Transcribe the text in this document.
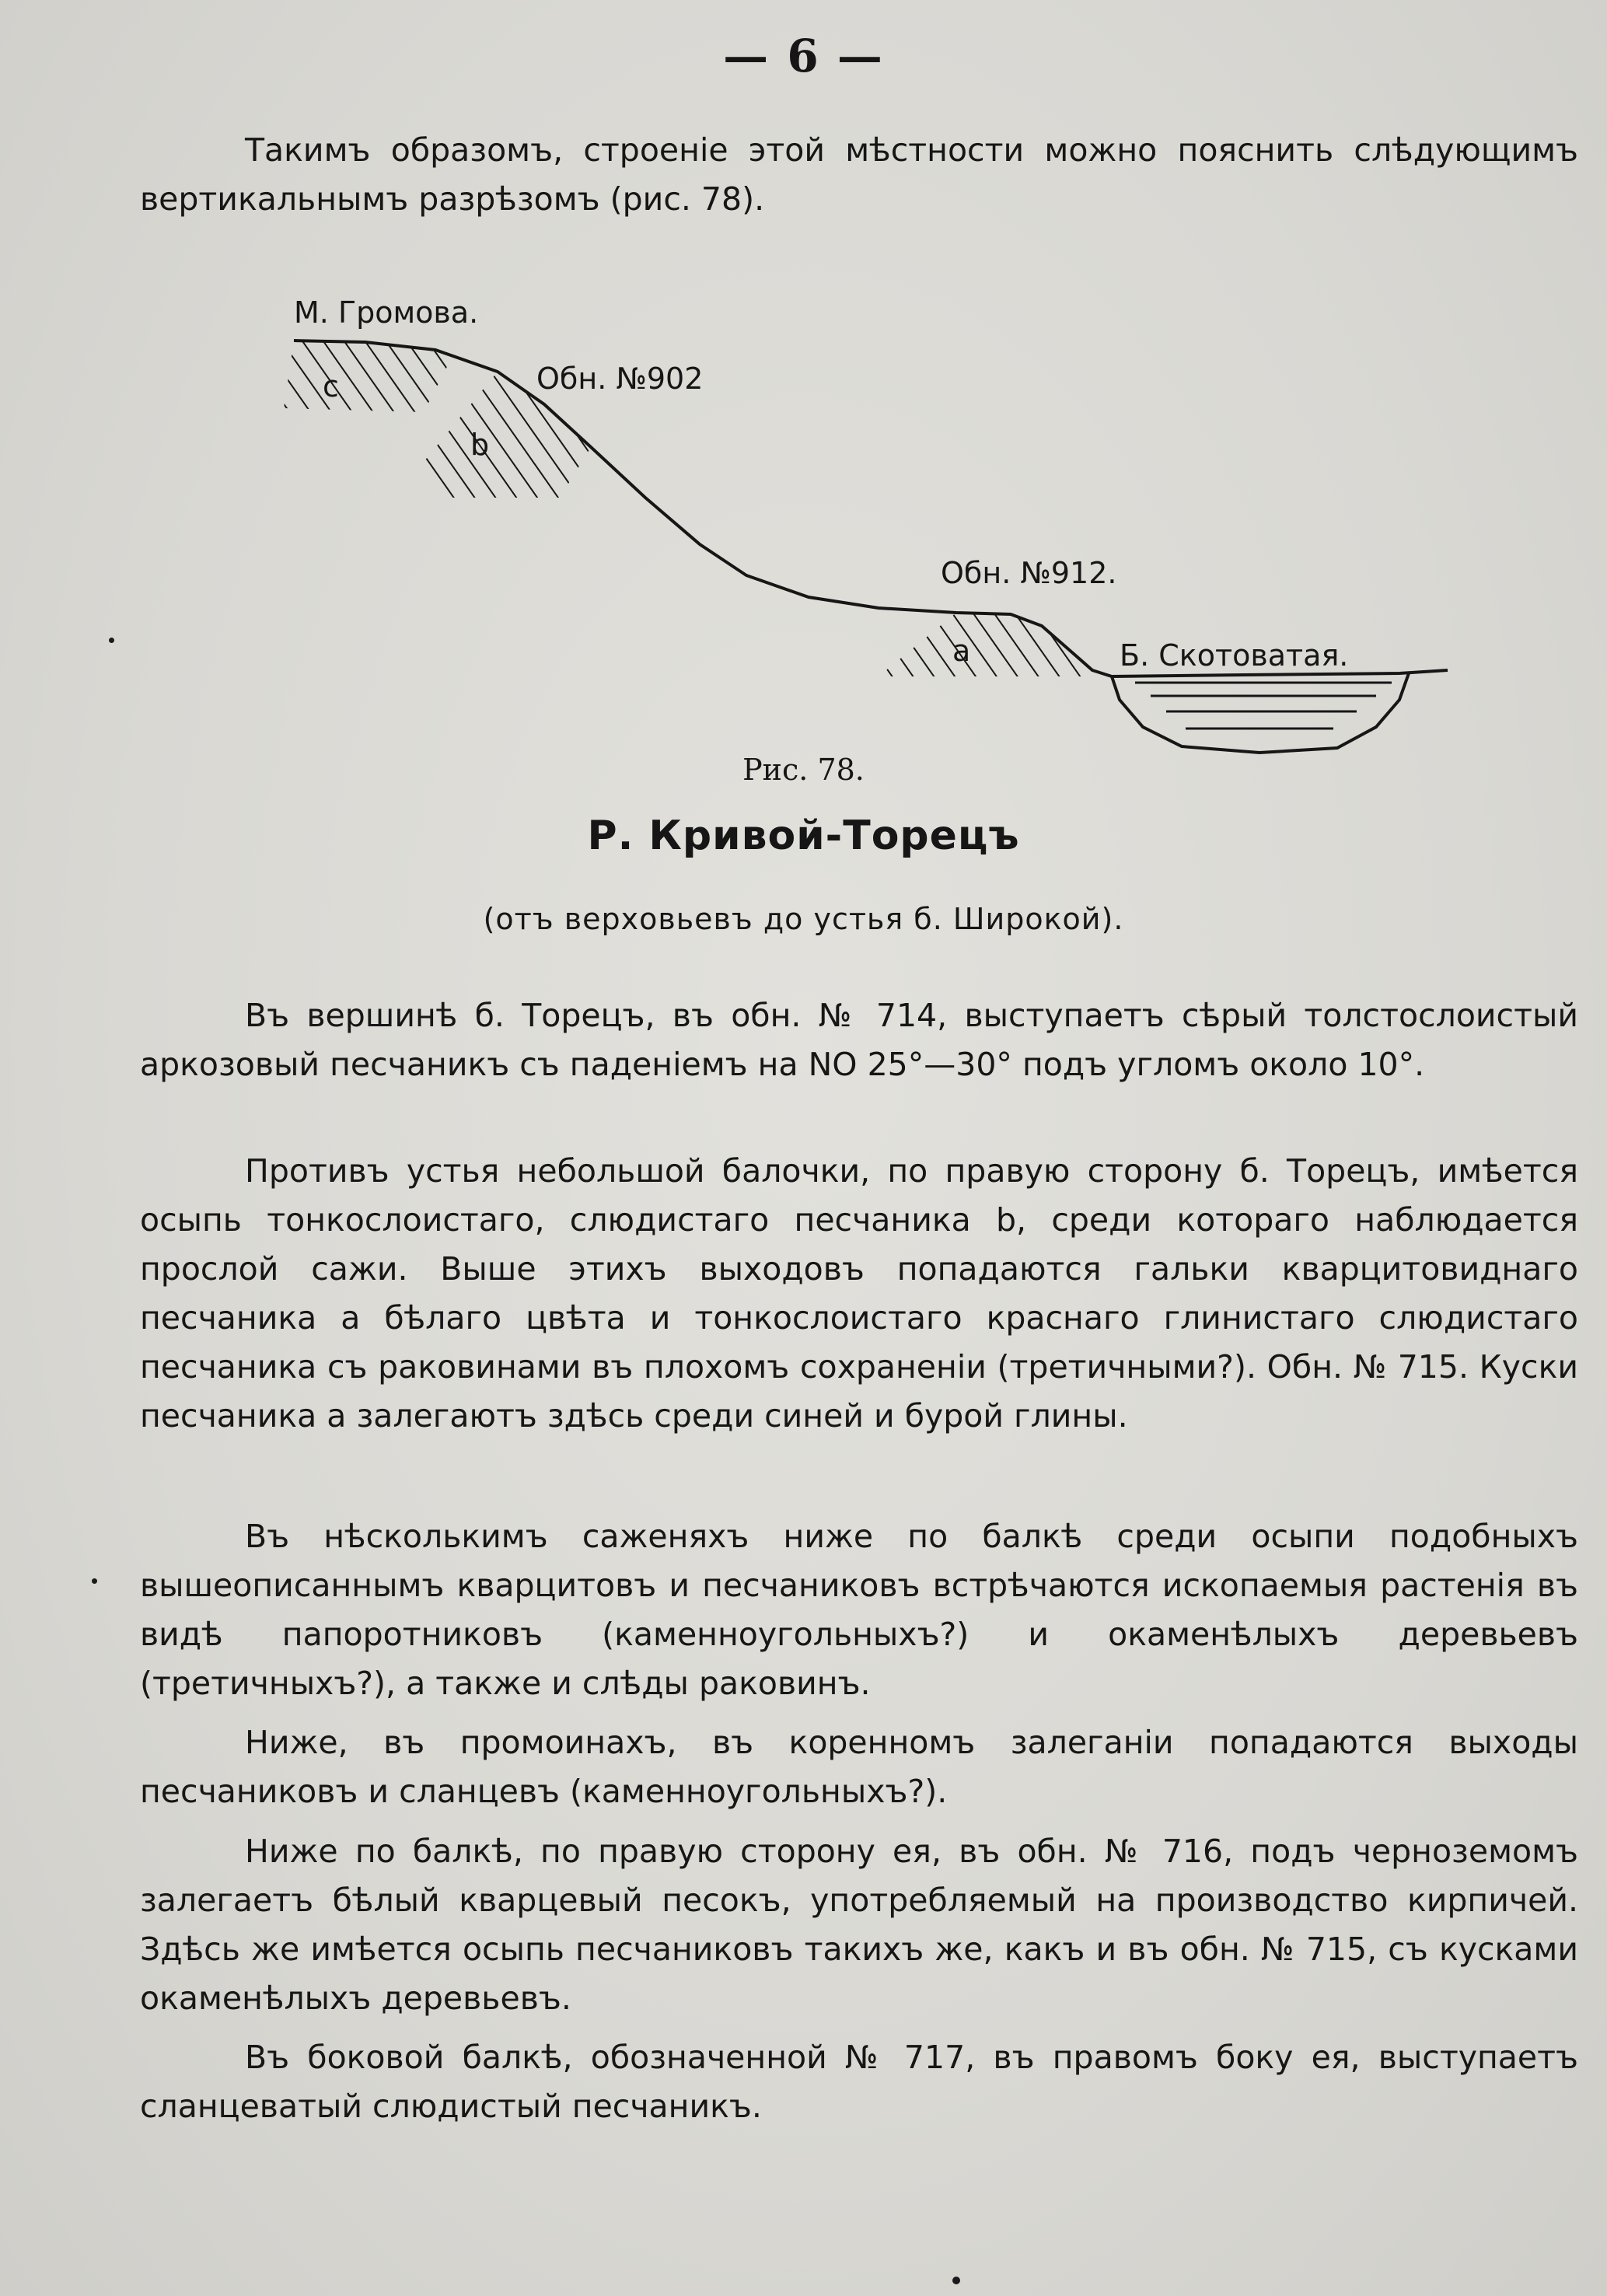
— 6 —

Такимъ образомъ, строеніе этой мѣстности можно пояснить слѣдующимъ вертикальнымъ разрѣзомъ (рис. 78).

М. Громова.
Обн. №902
Обн. №912.
Б. Скотоватая.
c
b
a
Рис. 78.
Р. Кривой-Торецъ
(отъ верховьевъ до устья б. Широкой).

Въ вершинѣ б. Торецъ, въ обн. № 714, выступаетъ сѣрый толстослоистый аркозовый песчаникъ съ паденіемъ на NO 25°—30° подъ угломъ около 10°.

Противъ устья небольшой балочки, по правую сторону б. Торецъ, имѣется осыпь тонкослоистаго, слюдистаго песчаника b, среди котораго наблюдается прослой сажи. Выше этихъ выходовъ попадаются гальки кварцитовиднаго песчаника a бѣлаго цвѣта и тонкослоистаго краснаго глинистаго слюдистаго песчаника съ раковинами въ плохомъ сохраненіи (третичными?). Обн. № 715. Куски песчаника a залегаютъ здѣсь среди синей и бурой глины.

Въ нѣсколькимъ саженяхъ ниже по балкѣ среди осыпи подобныхъ вышеописаннымъ кварцитовъ и песчаниковъ встрѣчаются ископаемыя растенія въ видѣ папоротниковъ (каменноугольныхъ?) и окаменѣлыхъ деревьевъ (третичныхъ?), а также и слѣды раковинъ.

Ниже, въ промоинахъ, въ коренномъ залеганіи попадаются выходы песчаниковъ и сланцевъ (каменноугольныхъ?).

Ниже по балкѣ, по правую сторону ея, въ обн. № 716, подъ черноземомъ залегаетъ бѣлый кварцевый песокъ, употребляемый на производство кирпичей. Здѣсь же имѣется осыпь песчаниковъ такихъ же, какъ и въ обн. № 715, съ кусками окаменѣлыхъ деревьевъ.

Въ боковой балкѣ, обозначенной № 717, въ правомъ боку ея, выступаетъ сланцеватый слюдистый песчаникъ.
